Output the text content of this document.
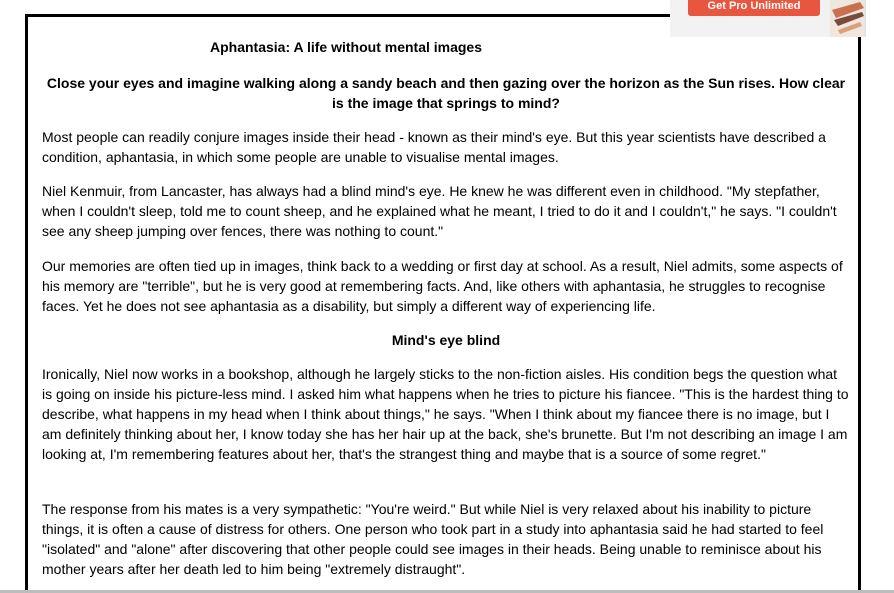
Aphantasia: A life without mental images

Close your eyes and imagine walking along a sandy beach and then gazing over the horizon as the Sun rises. How clear is the image that springs to mind?

Most people can readily conjure images inside their head - known as their mind's eye. But this year scientists have described a condition, aphantasia, in which some people are unable to visualise mental images.

Niel Kenmuir, from Lancaster, has always had a blind mind's eye. He knew he was different even in childhood. "My stepfather, when I couldn't sleep, told me to count sheep, and he explained what he meant, I tried to do it and I couldn't," he says. "I couldn't see any sheep jumping over fences, there was nothing to count."

Our memories are often tied up in images, think back to a wedding or first day at school. As a result, Niel admits, some aspects of his memory are "terrible", but he is very good at remembering facts. And, like others with aphantasia, he struggles to recognise faces. Yet he does not see aphantasia as a disability, but simply a different way of experiencing life.

Mind's eye blind

Ironically, Niel now works in a bookshop, although he largely sticks to the non-fiction aisles. His condition begs the question what is going on inside his picture-less mind. I asked him what happens when he tries to picture his fiancee. "This is the hardest thing to describe, what happens in my head when I think about things," he says. "When I think about my fiancee there is no image, but I am definitely thinking about her, I know today she has her hair up at the back, she's brunette. But I'm not describing an image I am looking at, I'm remembering features about her, that's the strangest thing and maybe that is a source of some regret."

The response from his mates is a very sympathetic: "You're weird." But while Niel is very relaxed about his inability to picture things, it is often a cause of distress for others. One person who took part in a study into aphantasia said he had started to feel "isolated" and "alone" after discovering that other people could see images in their heads. Being unable to reminisce about his mother years after her death led to him being "extremely distraught".

Get Pro Unlimited
